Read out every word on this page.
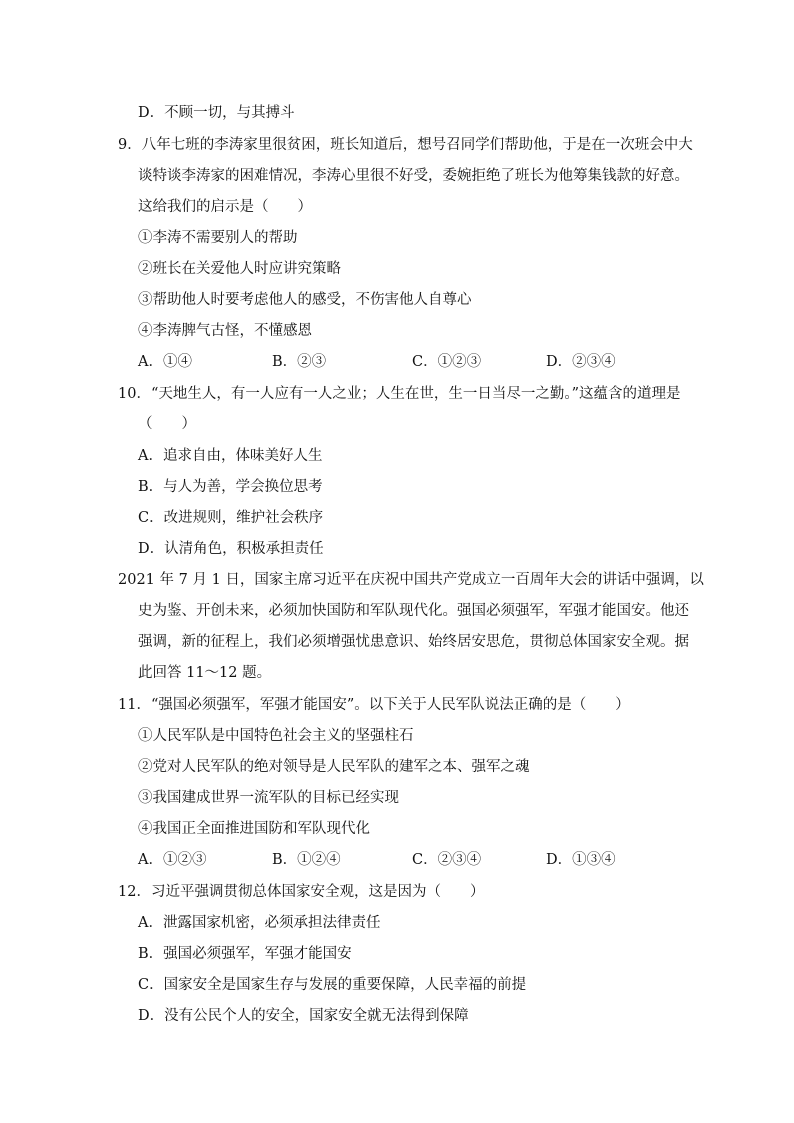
D．不顾一切，与其搏斗
9．八年七班的李涛家里很贫困，班长知道后，想号召同学们帮助他，于是在一次班会中大
谈特谈李涛家的困难情况，李涛心里很不好受，委婉拒绝了班长为他筹集钱款的好意。
这给我们的启示是（　　）
①李涛不需要别人的帮助
②班长在关爱他人时应讲究策略
③帮助他人时要考虑他人的感受，不伤害他人自尊心
④李涛脾气古怪，不懂感恩
A．①④	B．②③	C．①②③	D．②③④
10．“天地生人，有一人应有一人之业；人生在世，生一日当尽一之勤。”这蕴含的道理是
（　　）
A．追求自由，体味美好人生
B．与人为善，学会换位思考
C．改进规则，维护社会秩序
D．认清角色，积极承担责任
2021 年 7 月 1 日，国家主席习近平在庆祝中国共产党成立一百周年大会的讲话中强调，以
史为鉴、开创未来，必须加快国防和军队现代化。强国必须强军，军强才能国安。他还
强调，新的征程上，我们必须增强忧患意识、始终居安思危，贯彻总体国家安全观。据
此回答 11～12 题。
11．“强国必须强军，军强才能国安”。以下关于人民军队说法正确的是（　　）
①人民军队是中国特色社会主义的坚强柱石
②党对人民军队的绝对领导是人民军队的建军之本、强军之魂
③我国建成世界一流军队的目标已经实现
④我国正全面推进国防和军队现代化
A．①②③	B．①②④	C．②③④	D．①③④
12．习近平强调贯彻总体国家安全观，这是因为（　　）
A．泄露国家机密，必须承担法律责任
B．强国必须强军，军强才能国安
C．国家安全是国家生存与发展的重要保障，人民幸福的前提
D．没有公民个人的安全，国家安全就无法得到保障
